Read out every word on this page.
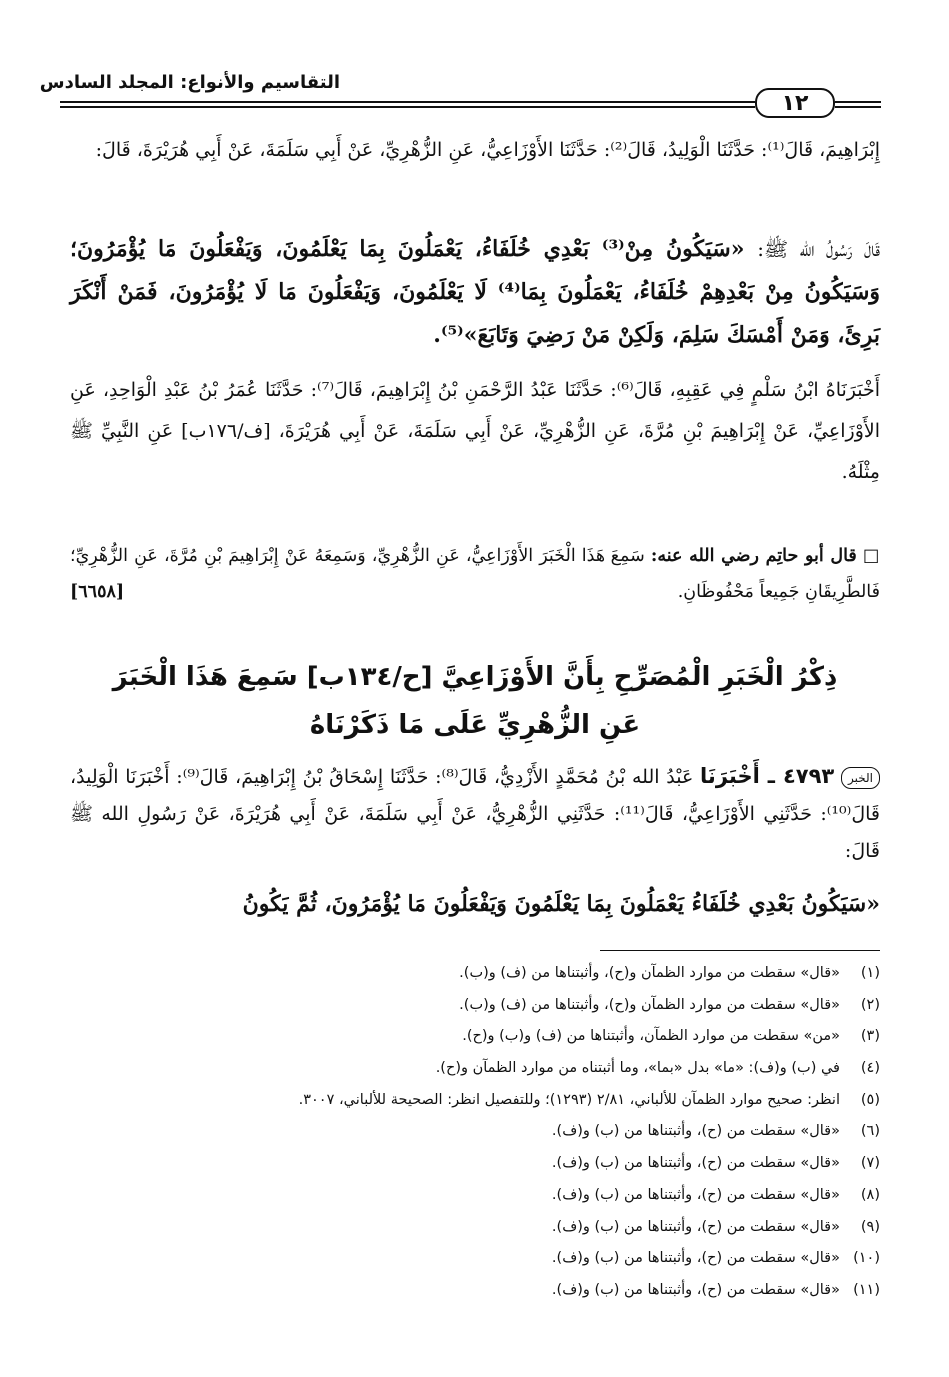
التقاسيم والأنواع: المجلد السادس
١٢
إِبْرَاهِيمَ، قَالَ⁽¹⁾: حَدَّثَنَا الْوَلِيدُ، قَالَ⁽²⁾: حَدَّثَنَا الأَوْزَاعِيُّ، عَنِ الزُّهْرِيِّ، عَنْ أَبِي سَلَمَةَ، عَنْ أَبِي هُرَيْرَةَ، قَالَ:
قَالَ رَسُولُ الله ﷺ: «سَيَكُونُ مِنْ⁽³⁾ بَعْدِي خُلَفَاءُ، يَعْمَلُونَ بِمَا يَعْلَمُونَ، وَيَفْعَلُونَ مَا يُؤْمَرُونَ؛ وَسَيَكُونُ مِنْ بَعْدِهِمْ خُلَفَاءُ، يَعْمَلُونَ بِمَا⁽⁴⁾ لَا يَعْلَمُونَ، وَيَفْعَلُونَ مَا لَا يُؤْمَرُونَ، فَمَنْ أَنْكَرَ بَرِئَ، وَمَنْ أَمْسَكَ سَلِمَ، وَلَكِنْ مَنْ رَضِيَ وَتَابَعَ»⁽⁵⁾.
أَخْبَرَنَاهُ ابْنُ سَلْمٍ فِي عَقِبِهِ، قَالَ⁽⁶⁾: حَدَّثَنَا عَبْدُ الرَّحْمَنِ بْنُ إِبْرَاهِيمَ، قَالَ⁽⁷⁾: حَدَّثَنَا عُمَرُ بْنُ عَبْدِ الْوَاحِدِ، عَنِ الأَوْزَاعِيِّ، عَنْ إِبْرَاهِيمَ بْنِ مُرَّةَ، عَنِ الزُّهْرِيِّ، عَنْ أَبِي سَلَمَةَ، عَنْ أَبِي هُرَيْرَةَ، [ف/١٧٦ب] عَنِ النَّبِيِّ ﷺ مِثْلَهُ.
□ قال أبو حاتِم رضي الله عنه: سَمِعَ هَذَا الْخَبَرَ الأَوْزَاعِيُّ، عَنِ الزُّهْرِيِّ، وَسَمِعَهُ عَنْ إِبْرَاهِيمَ بْنِ مُرَّةَ، عَنِ الزُّهْرِيِّ؛ فَالطَّرِيقَانِ جَمِيعاً مَحْفُوظَانِ.
[٦٦٥٨]
ذِكْرُ الْخَبَرِ الْمُصَرِّحِ بِأَنَّ الأَوْزَاعِيَّ [ح/١٣٤ب] سَمِعَ هَذَا الْخَبَرَ
عَنِ الزُّهْرِيِّ عَلَى مَا ذَكَرْنَاهُ
الخبر ٤٧٩٣ ـ أَخْبَرَنَا عَبْدُ الله بْنُ مُحَمَّدٍ الأَزْدِيُّ، قَالَ⁽⁸⁾: حَدَّثَنَا إِسْحَاقُ بْنُ إِبْرَاهِيمَ، قَالَ⁽⁹⁾: أَخْبَرَنَا الْوَلِيدُ، قَالَ⁽¹⁰⁾: حَدَّثَنِي الأَوْزَاعِيُّ، قَالَ⁽¹¹⁾: حَدَّثَنِي الزُّهْرِيُّ، عَنْ أَبِي سَلَمَةَ، عَنْ أَبِي هُرَيْرَةَ، عَنْ رَسُولِ الله ﷺ قَالَ:
«سَيَكُونُ بَعْدِي خُلَفَاءُ يَعْمَلُونَ بِمَا يَعْلَمُونَ وَيَفْعَلُونَ مَا يُؤْمَرُونَ، ثُمَّ يَكُونُ
(١)
«قال» سقطت من موارد الظمآن و(ح)، وأثبتناها من (ف) و(ب).
(٢)
«قال» سقطت من موارد الظمآن و(ح)، وأثبتناها من (ف) و(ب).
(٣)
«من» سقطت من موارد الظمآن، وأثبتناها من (ف) و(ب) و(ح).
(٤)
في (ب) و(ف): «ما» بدل «بما»، وما أثبتناه من موارد الظمآن و(ح).
(٥)
انظر: صحيح موارد الظمآن للألباني، ٢/٨١ (١٢٩٣)؛ وللتفصيل انظر: الصحيحة للألباني، ٣٠٠٧.
(٦)
«قال» سقطت من (ح)، وأثبتناها من (ب) و(ف).
(٧)
«قال» سقطت من (ح)، وأثبتناها من (ب) و(ف).
(٨)
«قال» سقطت من (ح)، وأثبتناها من (ب) و(ف).
(٩)
«قال» سقطت من (ح)، وأثبتناها من (ب) و(ف).
(١٠)
«قال» سقطت من (ح)، وأثبتناها من (ب) و(ف).
(١١)
«قال» سقطت من (ح)، وأثبتناها من (ب) و(ف).
